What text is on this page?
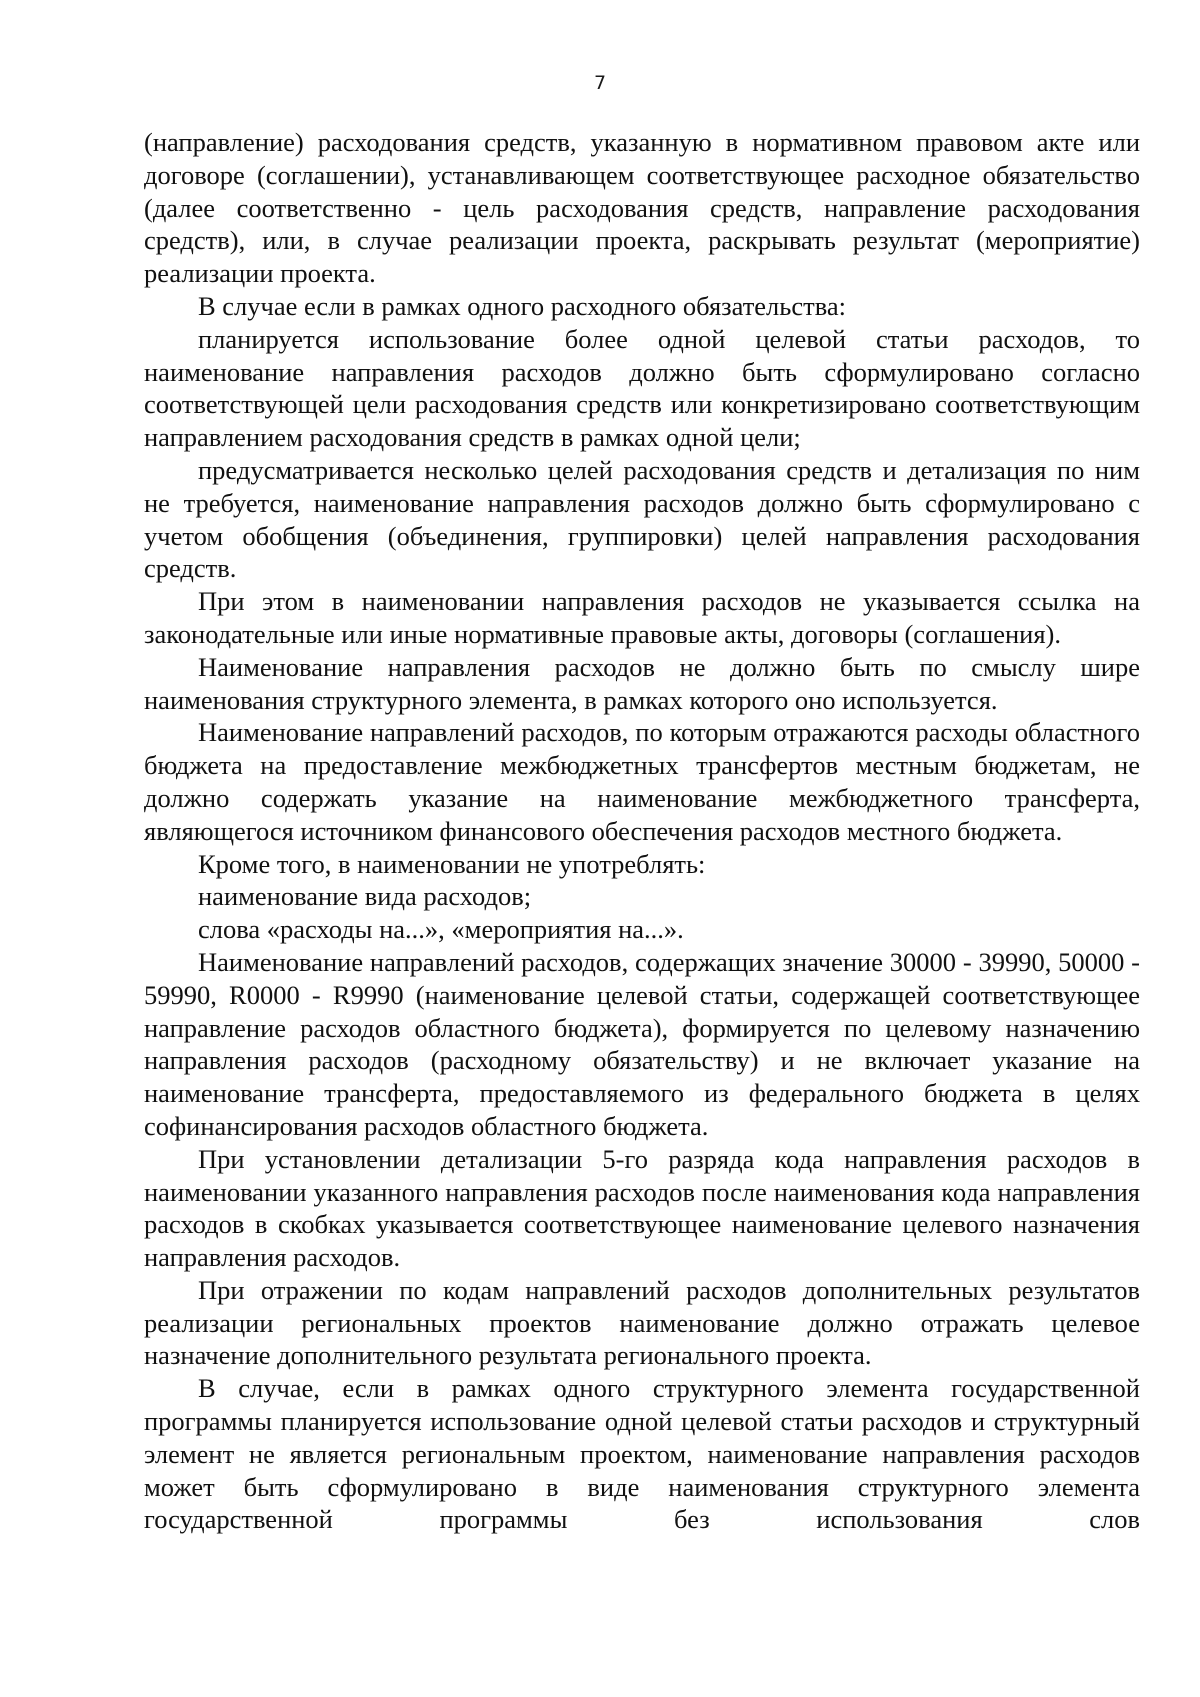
7

(направление) расходования средств, указанную в нормативном правовом акте или договоре (соглашении), устанавливающем соответствующее расходное обязательство (далее соответственно - цель расходования средств, направление расходования средств), или, в случае реализации проекта, раскрывать результат (мероприятие) реализации проекта.

В случае если в рамках одного расходного обязательства:

планируется использование более одной целевой статьи расходов, то наименование направления расходов должно быть сформулировано согласно соответствующей цели расходования средств или конкретизировано соответствующим направлением расходования средств в рамках одной цели;

предусматривается несколько целей расходования средств и детализация по ним не требуется, наименование направления расходов должно быть сформулировано с учетом обобщения (объединения, группировки) целей направления расходования средств.

При этом в наименовании направления расходов не указывается ссылка на законодательные или иные нормативные правовые акты, договоры (соглашения).

Наименование направления расходов не должно быть по смыслу шире наименования структурного элемента, в рамках которого оно используется.

Наименование направлений расходов, по которым отражаются расходы областного бюджета на предоставление межбюджетных трансфертов местным бюджетам, не должно содержать указание на наименование межбюджетного трансферта, являющегося источником финансового обеспечения расходов местного бюджета.

Кроме того, в наименовании не употреблять:

наименование вида расходов;

слова «расходы на...», «мероприятия на...».

Наименование направлений расходов, содержащих значение 30000 - 39990, 50000 - 59990, R0000 - R9990 (наименование целевой статьи, содержащей соответствующее направление расходов областного бюджета), формируется по целевому назначению направления расходов (расходному обязательству) и не включает указание на наименование трансферта, предоставляемого из федерального бюджета в целях софинансирования расходов областного бюджета.

При установлении детализации 5-го разряда кода направления расходов в наименовании указанного направления расходов после наименования кода направления расходов в скобках указывается соответствующее наименование целевого назначения направления расходов.

При отражении по кодам направлений расходов дополнительных результатов реализации региональных проектов наименование должно отражать целевое назначение дополнительного результата регионального проекта.

В случае, если в рамках одного структурного элемента государственной программы планируется использование одной целевой статьи расходов и структурный элемент не является региональным проектом, наименование направления расходов может быть сформулировано в виде наименования структурного элемента государственной программы без использования слов
